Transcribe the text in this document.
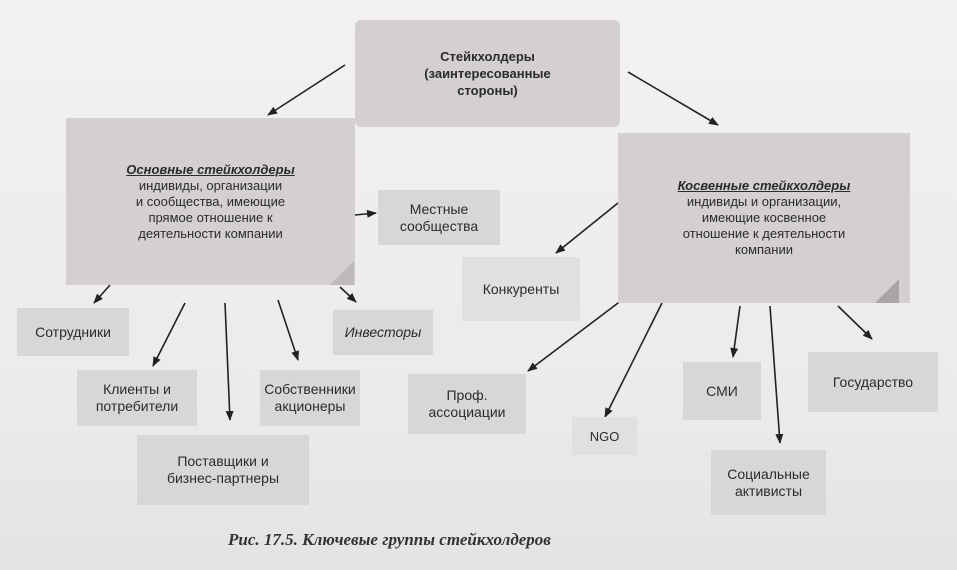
Стейкхолдеры
(заинтересованные
стороны)
Основные стейкхолдеры
индивиды, организации
и сообщества, имеющие
прямое отношение к
деятельности компании
Косвенные стейкхолдеры
индивиды и организации,
имеющие косвенное
отношение к деятельности
компании
Местные
сообщества
Сотрудники
Клиенты и
потребители
Поставщики и
бизнес-партнеры
Собственники
акционеры
Инвесторы
Конкуренты
Проф.
ассоциации
NGO
СМИ
Государство
Социальные
активисты
Рис. 17.5. Ключевые группы стейкхолдеров
